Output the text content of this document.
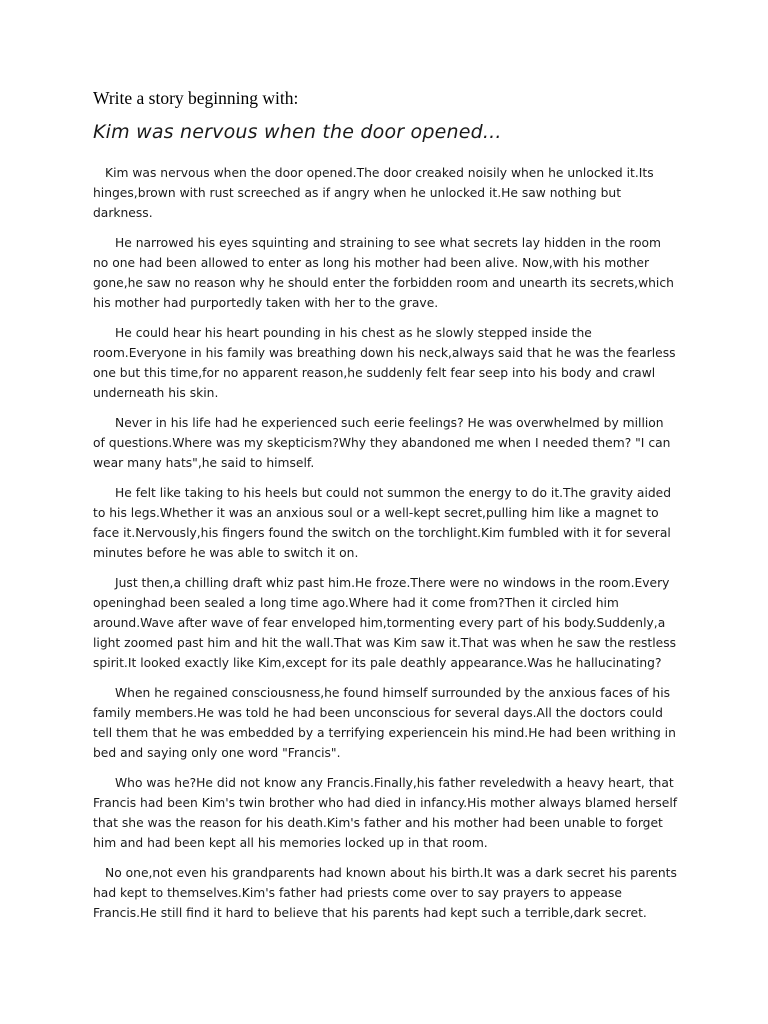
Write a story beginning with:
Kim was nervous when the door opened...

Kim was nervous when the door opened.The door creaked noisily when he unlocked it.Its hinges,brown with rust screeched as if angry when he unlocked it.He saw nothing but darkness.

He narrowed his eyes squinting and straining to see what secrets lay hidden in the room no one had been allowed to enter as long his mother had been alive. Now,with his mother gone,he saw no reason why he should enter the forbidden room and unearth its secrets,which his mother had purportedly taken with her to the grave.

He could hear his heart pounding in his chest as he slowly stepped inside the room.Everyone in his family was breathing down his neck,always said that he was the fearless one but this time,for no apparent reason,he suddenly felt fear seep into his body and crawl underneath his skin.

Never in his life had he experienced such eerie feelings? He was overwhelmed by million of questions.Where was my skepticism?Why they abandoned me when I needed them? "I can wear many hats",he said to himself.

He felt like taking to his heels but could not summon the energy to do it.The gravity aided to his legs.Whether it was an anxious soul or a well-kept secret,pulling him like a magnet to face it.Nervously,his fingers found the switch on the torchlight.Kim fumbled with it for several minutes before he was able to switch it on.

Just then,a chilling draft whiz past him.He froze.There were no windows in the room.Every openinghad been sealed a long time ago.Where had it come from?Then it circled him around.Wave after wave of fear enveloped him,tormenting every part of his body.Suddenly,a light zoomed past him and hit the wall.That was Kim saw it.That was when he saw the restless spirit.It looked exactly like Kim,except for its pale deathly appearance.Was he hallucinating?

When he regained consciousness,he found himself surrounded by the anxious faces of his family members.He was told he had been unconscious for several days.All the doctors could tell them that he was embedded by a terrifying experiencein his mind.He had been writhing in bed and saying only one word "Francis".

Who was he?He did not know any Francis.Finally,his father reveledwith a heavy heart, that Francis had been Kim's twin brother who had died in infancy.His mother always blamed herself that she was the reason for his death.Kim's father and his mother had been unable to forget him and had been kept all his memories locked up in that room.

No one,not even his grandparents had known about his birth.It was a dark secret his parents had kept to themselves.Kim's father had priests come over to say prayers to appease Francis.He still find it hard to believe that his parents had kept such a terrible,dark secret.
